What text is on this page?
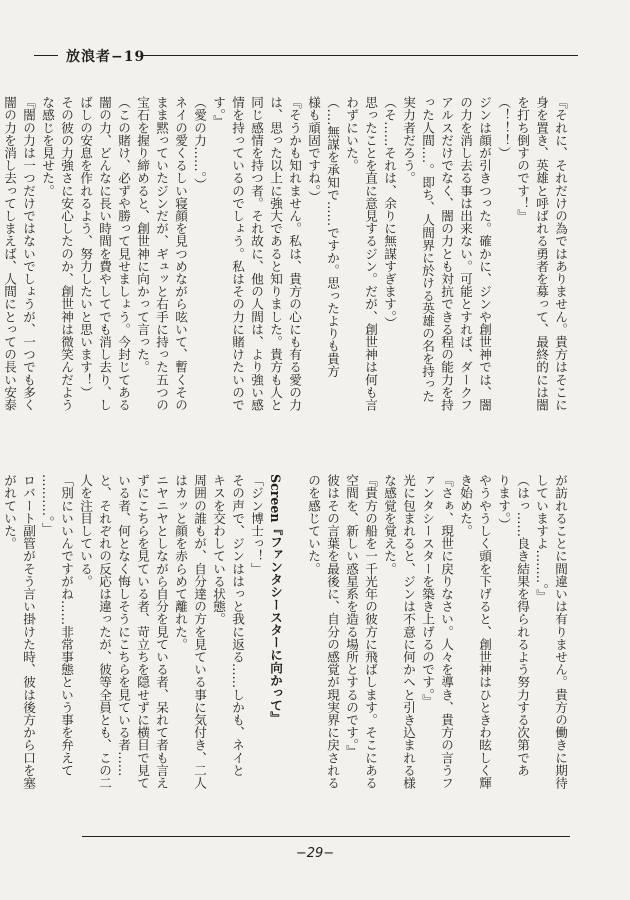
放浪者−19
『それに、それだけの為ではありません。貴方はそこに
身を置き、英雄と呼ばれる勇者を募って、最終的には闇
を打ち倒すのです！』
（！！！）
ジンは顔が引きつった。確かに、ジンや創世神では、闇
の力を消し去る事は出来ない。可能とすれば、ダークフ
アルスだけでなく、闇の力とも対抗できる程の能力を持
った人間‥‥。即ち、人間界に於ける英雄の名を持った
実力者だろう。
（そ‥‥‥それは、余りに無謀すぎます。）
思ったことを直に意見するジン。だが、創世神は何も言
わずにいた。
（‥‥無謀を承知で‥‥‥ですか。思ったよりも貴方
様も頑固ですね。）
『そうかも知れません。私は、貴方の心にも有る愛の力
は、思った以上に強大であると知りました。貴方も人と
同じ感情を持つ者。それ故に、他の人間は、より強い感
情を持っているのでしょう。私はその力に賭けたいので
す。』
（愛の力‥‥‥。）
ネイの愛くるしい寝顔を見つめながら呟いて、暫くその
まま黙っていたジンだが、ギュッと右手に持った五つの
宝石を握り締めると、創世神に向かって言った。
（この賭け、必ずや勝って見せましょう。今封じてある
闇の力、どんなに長い時間を費やしてでも消し去り、し
ばしの安息を作れるよう、努力したいと思います！）
その彼の力強さに安心したのか、創世神は微笑んだよう
な感じを見せた。
『闇の力は一つだけではないでしょうが、一つでも多く
闇の力を消し去ってしまえば、人間にとっての長い安泰
が訪れることに間違いは有りません。貴方の働きに期待
していますよ‥‥‥‥。』
（はっ‥‥‥良き結果を得られるよう努力する次第であ
ります。）
やうやうしく頭を下げると、創世神はひときわ眩しく輝
き始めた。
『さぁ、現世に戻りなさい。人々を導き、貴方の言うフ
ァンタシースターを築き上げるのです。』
光に包まれると、ジンは不意に何かへと引き込まれる様
な感覚を覚えた。
『貴方の船を一千光年の彼方に飛ばします。そこにある
空間を、新しい惑星系を造る場所とするのです。』
彼はその言葉を最後に、自分の感覚が現実界に戻される
のを感じていた。

Screen『ファンタシースターに向かって』
「ジン博士っ！」
その声で、ジンははっと我に返る‥‥‥しかも、ネイと
キスを交わしている状態。
周囲の誰もが、自分達の方を見ている事に気付き、二人
はカッと顔を赤らめて離れた。
ニヤニヤとしながら自分を見ている者、呆れて者も言え
ずにこちらを見ている者、苛立ちを隠せずに横目で見て
いる者、何となく悔しそうにこちらを見ている者‥‥‥
と、それぞれの反応は違ったが、彼等全員とも、この二
人を注目している。
「別にいいんですがね‥‥‥非常事態という事を弁えて
‥‥‥‥‥。」
ロバート副管がそう言い掛けた時、彼は後方から口を塞
がれていた。
−29−
